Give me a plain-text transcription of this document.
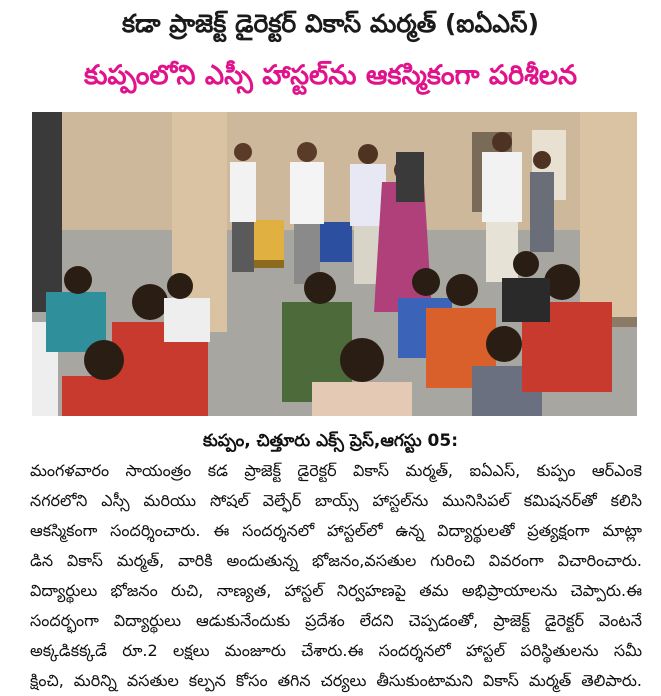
కడా ప్రాజెక్ట్ డైరెక్టర్ వికాస్ మర్మత్ (ఐఏఎస్)
కుప్పంలోని ఎస్సీ హాస్టల్‌ను ఆకస్మికంగా పరిశీలన
కుప్పం, చిత్తూరు ఎక్స్ ప్రెస్,ఆగస్టు 05:
మంగళవారం సాయంత్రం కడ ప్రాజెక్ట్ డైరెక్టర్ వికాస్ మర్మత్, ఐఏఎస్, కుప్పం ఆర్ఎంకె
నగరలోని ఎస్సీ మరియు సోషల్ వెల్ఫేర్ బాయ్స్ హాస్టల్‌ను మునిసిపల్ కమిషనర్‌తో కలిసి
ఆకస్మికంగా సందర్శించారు. ఈ సందర్శనలో హాస్టల్‌లో ఉన్న విద్యార్థులతో ప్రత్యక్షంగా మాట్లా
డిన వికాస్ మర్మత్, వారికి అందుతున్న భోజనం,వసతుల గురించి వివరంగా విచారించారు.
విద్యార్థులు భోజనం రుచి, నాణ్యత, హాస్టల్ నిర్వహణపై తమ అభిప్రాయాలను చెప్పారు.ఈ
సందర్భంగా విద్యార్థులు ఆడుకునేందుకు ప్రదేశం లేదని చెప్పడంతో, ప్రాజెక్ట్ డైరెక్టర్ వెంటనే
అక్కడికక్కడే రూ.2 లక్షలు మంజూరు చేశారు.ఈ సందర్శనలో హాస్టల్ పరిస్థితులను సమీ
క్షించి, మరిన్ని వసతుల కల్పన కోసం తగిన చర్యలు తీసుకుంటామని వికాస్ మర్మత్ తెలిపారు.
